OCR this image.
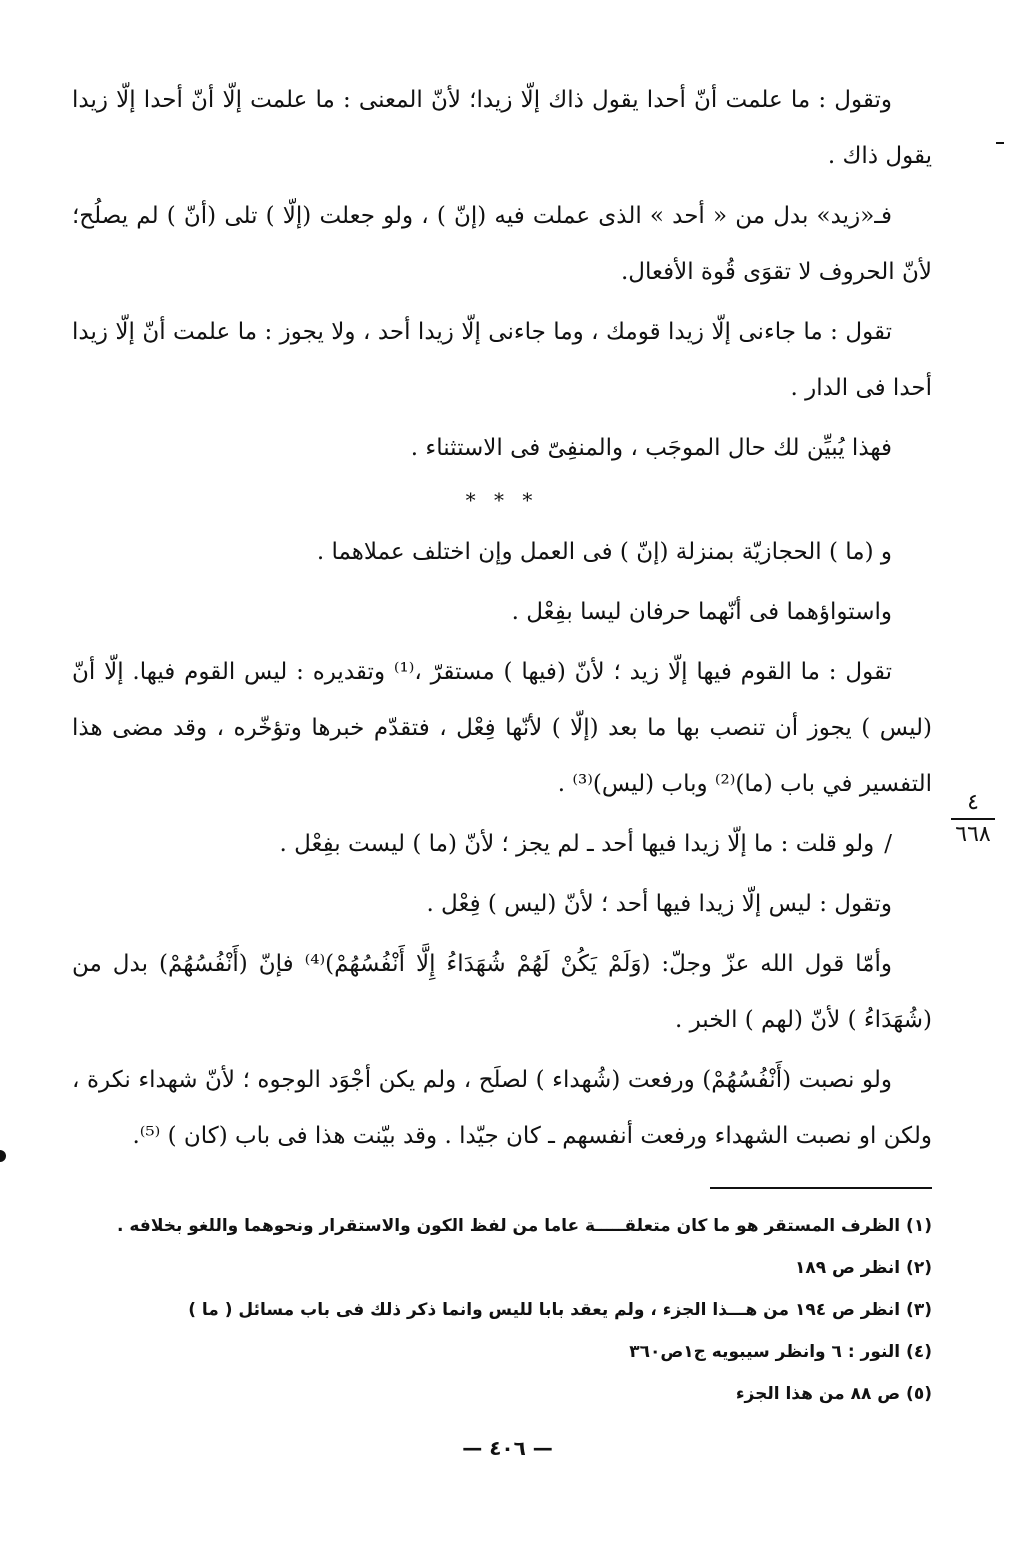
وتقول : ما علمت أنّ أحدا يقول ذاك إلّا زيدا؛ لأنّ المعنى : ما علمت إلّا أنّ أحدا إلّا زيدا يقول ذاك .

فـ«زيد» بدل من « أحد » الذى عملت فيه (إنّ ) ، ولو جعلت (إلّا ) تلى (أنّ ) لم يصلُح؛ لأنّ الحروف لا تقوَى قُوة الأفعال.

تقول : ما جاءنى إلّا زيدا قومك ، وما جاءنى إلّا زيدا أحد ، ولا يجوز : ما علمت أنّ إلّا زيدا أحدا فى الدار .

فهذا يُبيِّن لك حال الموجَب ، والمنفِىّ فى الاستثناء .

* * *

و (ما ) الحجازيّة بمنزلة (إنّ ) فى العمل وإن اختلف عملاهما .

واستواؤهما فى أنّهما حرفان ليسا بفِعْل .

تقول : ما القوم فيها إلّا زيد ؛ لأنّ (فيها ) مستقرّ ،⁽¹⁾ وتقديره : ليس القوم فيها. إلّا أنّ (ليس ) يجوز أن تنصب بها ما بعد (إلّا ) لأنّها فِعْل ، فتقدّم خبرها وتؤخّره ، وقد مضى هذا التفسير في باب (ما)⁽²⁾ وباب (ليس)⁽³⁾ .

/ولو قلت : ما إلّا زيدا فيها أحد ـ لم يجز ؛ لأنّ (ما ) ليست بفِعْل .

وتقول : ليس إلّا زيدا فيها أحد ؛ لأنّ (ليس ) فِعْل .

وأمّا قول الله عزّ وجلّ: (وَلَمْ يَكُنْ لَهُمْ شُهَدَاءُ إِلَّا أَنْفُسُهُمْ)⁽⁴⁾ فإنّ (أَنْفُسُهُمْ) بدل من (شُهَدَاءُ ) لأنّ (لهم ) الخبر .

ولو نصبت (أَنْفُسُهُمْ) ورفعت (شُهداء ) لصلَح ، ولم يكن أجْوَد الوجوه ؛ لأنّ شهداء نكرة ، ولكن او نصبت الشهداء ورفعت أنفسهم ـ كان جيّدا . وقد بيّنت هذا فى باب (كان ) ⁽⁵⁾.

٤
٦٦٨

(١) الظرف المستقر هو ما كان متعلقـــــة عاما من لفظ الكون والاستقرار ونحوهما واللغو بخلافه .

(٢) انظر ص ١٨٩

(٣) انظر ص ١٩٤ من هـــذا الجزء ، ولم يعقد بابا لليس وانما ذكر ذلك فى باب مسائل ( ما )

(٤) النور : ٦ وانظر سيبويه ج١ص٣٦٠

(٥) ص ٨٨ من هذا الجزء

— ٤٠٦ —
